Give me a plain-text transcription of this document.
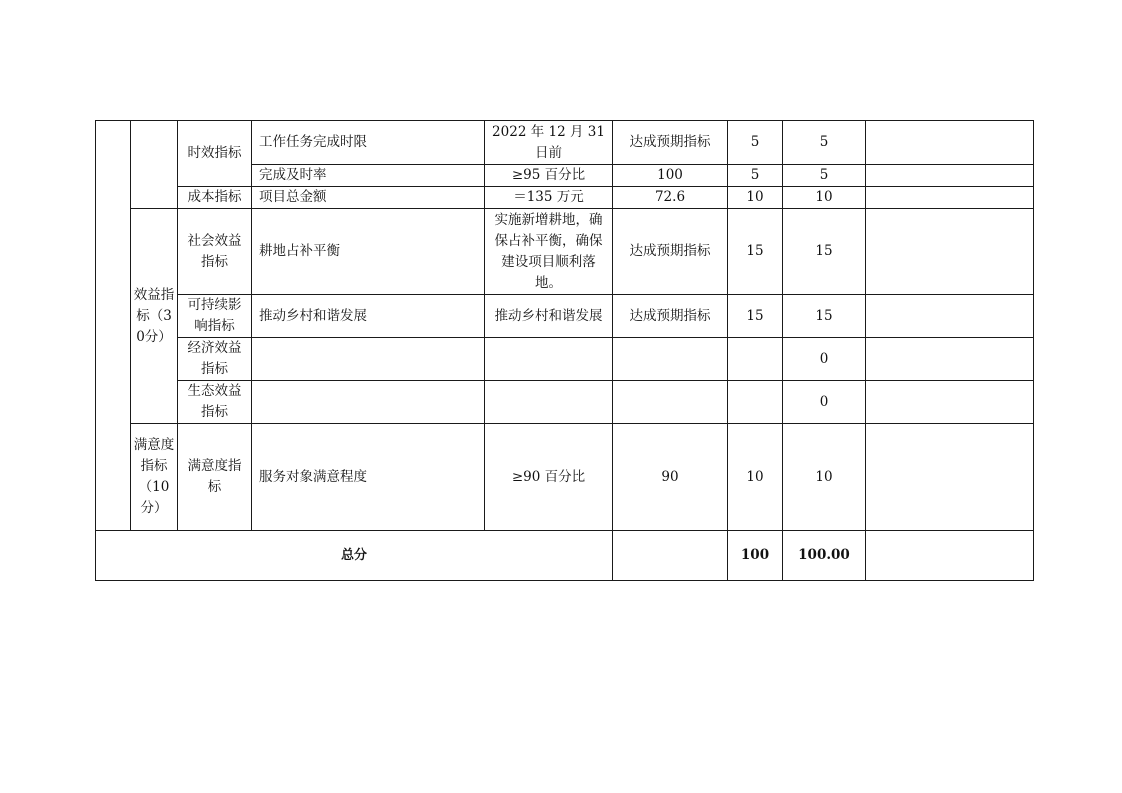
		时效指标	工作任务完成时限	2022 年 12 月 31 日前	达成预期指标	5	5	
			完成及时率	≥95 百分比	100	5	5	
		成本指标	项目总金额	＝135 万元	72.6	10	10	
	效益指标（30分）	社会效益指标	耕地占补平衡	实施新增耕地，确保占补平衡，确保建设项目顺利落地。	达成预期指标	15	15	
		可持续影响指标	推动乡村和谐发展	推动乡村和谐发展	达成预期指标	15	15	
		经济效益指标					0	
		生态效益指标					0	
	满意度指标（10分）	满意度指标	服务对象满意程度	≥90 百分比	90	10	10	
总分						100	100.00	
